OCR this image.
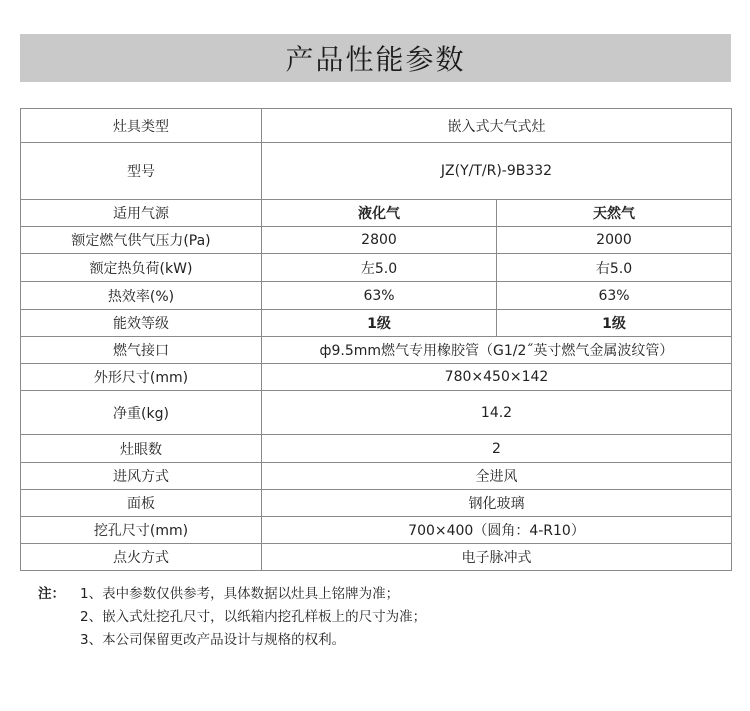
产品性能参数
灶具类型	嵌入式大气式灶	
型号	JZ(Y/T/R)-9B332	
适用气源	液化气	天然气
额定燃气供气压力(Pa)	2800	2000
额定热负荷(kW)	左5.0	右5.0
热效率(%)	63%	63%
能效等级	1级	1级
燃气接口	ф9.5mm燃气专用橡胶管（G1/2˝英寸燃气金属波纹管）	
外形尺寸(mm)	780×450×142	
净重(kg)	14.2	
灶眼数	2	
进风方式	全进风	
面板	钢化玻璃	
挖孔尺寸(mm)	700×400（圆角：4-R10）	
点火方式	电子脉冲式	
注：	1、表中参数仅供参考，具体数据以灶具上铭牌为准；
2、嵌入式灶挖孔尺寸，以纸箱内挖孔样板上的尺寸为准；
3、本公司保留更改产品设计与规格的权利。
